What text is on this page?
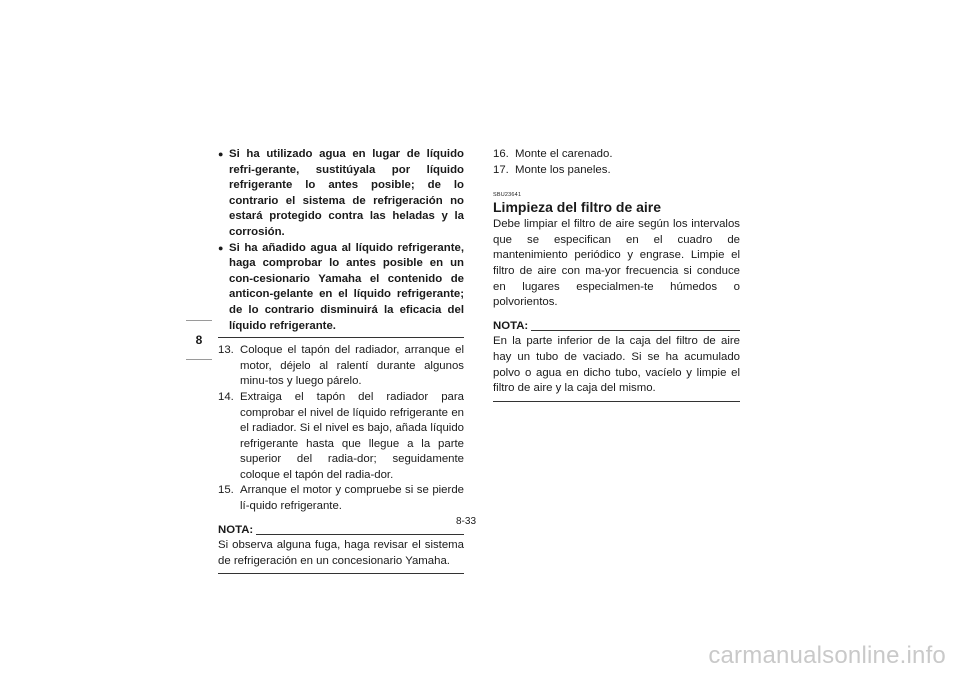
8
● Si ha utilizado agua en lugar de líquido refri-gerante, sustitúyala por líquido refrigerante lo antes posible; de lo contrario el sistema de refrigeración no estará protegido contra las heladas y la corrosión.
● Si ha añadido agua al líquido refrigerante, haga comprobar lo antes posible en un con-cesionario Yamaha el contenido de anticon-gelante en el líquido refrigerante; de lo contrario disminuirá la eficacia del líquido refrigerante.
13. Coloque el tapón del radiador, arranque el motor, déjelo al ralentí durante algunos minu-tos y luego párelo.
14. Extraiga el tapón del radiador para comprobar el nivel de líquido refrigerante en el radiador. Si el nivel es bajo, añada líquido refrigerante hasta que llegue a la parte superior del radia-dor; seguidamente coloque el tapón del radia-dor.
15. Arranque el motor y compruebe si se pierde lí-quido refrigerante.
NOTA:
Si observa alguna fuga, haga revisar el sistema de refrigeración en un concesionario Yamaha.
16. Monte el carenado.
17. Monte los paneles.
SBU23641
Limpieza del filtro de aire
Debe limpiar el filtro de aire según los intervalos que se especifican en el cuadro de mantenimiento periódico y engrase. Limpie el filtro de aire con ma-yor frecuencia si conduce en lugares especialmen-te húmedos o polvorientos.
NOTA:
En la parte inferior de la caja del filtro de aire hay un tubo de vaciado. Si se ha acumulado polvo o agua en dicho tubo, vacíelo y limpie el filtro de aire y la caja del mismo.
8-33
carmanualsonline.info
